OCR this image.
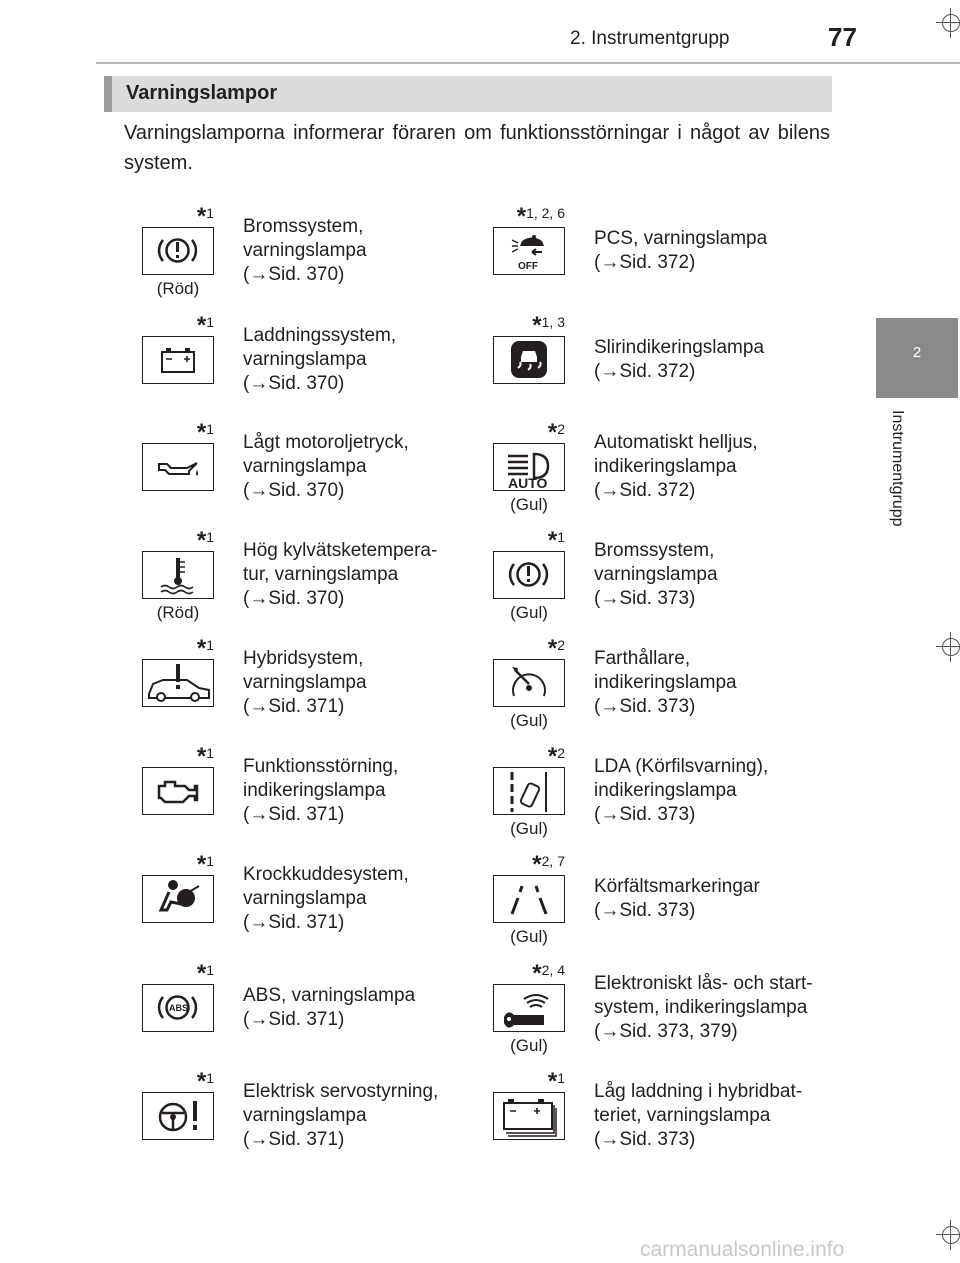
2. Instrumentgrupp	77
2
Instrumentgrupp
Varningslampor
Varningslamporna informerar föraren om funktionsstörningar i något av bilens system.
*$^1$
(Röd)
Bromssystem,
varningslampa
(→Sid. 370)
*$^{1, 2, 6}$
OFF
PCS, varningslampa
(→Sid. 372)
*$^1$
Laddningssystem,
varningslampa
(→Sid. 370)
*$^{1, 3}$
Slirindikeringslampa
(→Sid. 372)
*$^1$
Lågt motoroljetryck,
varningslampa
(→Sid. 370)
*$^2$
AUTO
(Gul)
Automatiskt helljus,
indikeringslampa
(→Sid. 372)
*$^1$
(Röd)
Hög kylvätsketempera-
tur, varningslampa
(→Sid. 370)
*$^1$
(Gul)
Bromssystem,
varningslampa
(→Sid. 373)
*$^1$
Hybridsystem,
varningslampa
(→Sid. 371)
*$^2$
(Gul)
Farthållare,
indikeringslampa
(→Sid. 373)
*$^1$
Funktionsstörning,
indikeringslampa
(→Sid. 371)
*$^2$
(Gul)
LDA (Körfilsvarning),
indikeringslampa
(→Sid. 373)
*$^1$
Krockkuddesystem,
varningslampa
(→Sid. 371)
*$^{2, 7}$
(Gul)
Körfältsmarkeringar
(→Sid. 373)
*$^1$
ABS
ABS, varningslampa
(→Sid. 371)
*$^{2, 4}$
(Gul)
Elektroniskt lås- och start-
system, indikeringslampa
(→Sid. 373, 379)
*$^1$
Elektrisk servostyrning,
varningslampa
(→Sid. 371)
*$^1$
Låg laddning i hybridbat-
teriet, varningslampa
(→Sid. 373)
carmanualsonline.info
